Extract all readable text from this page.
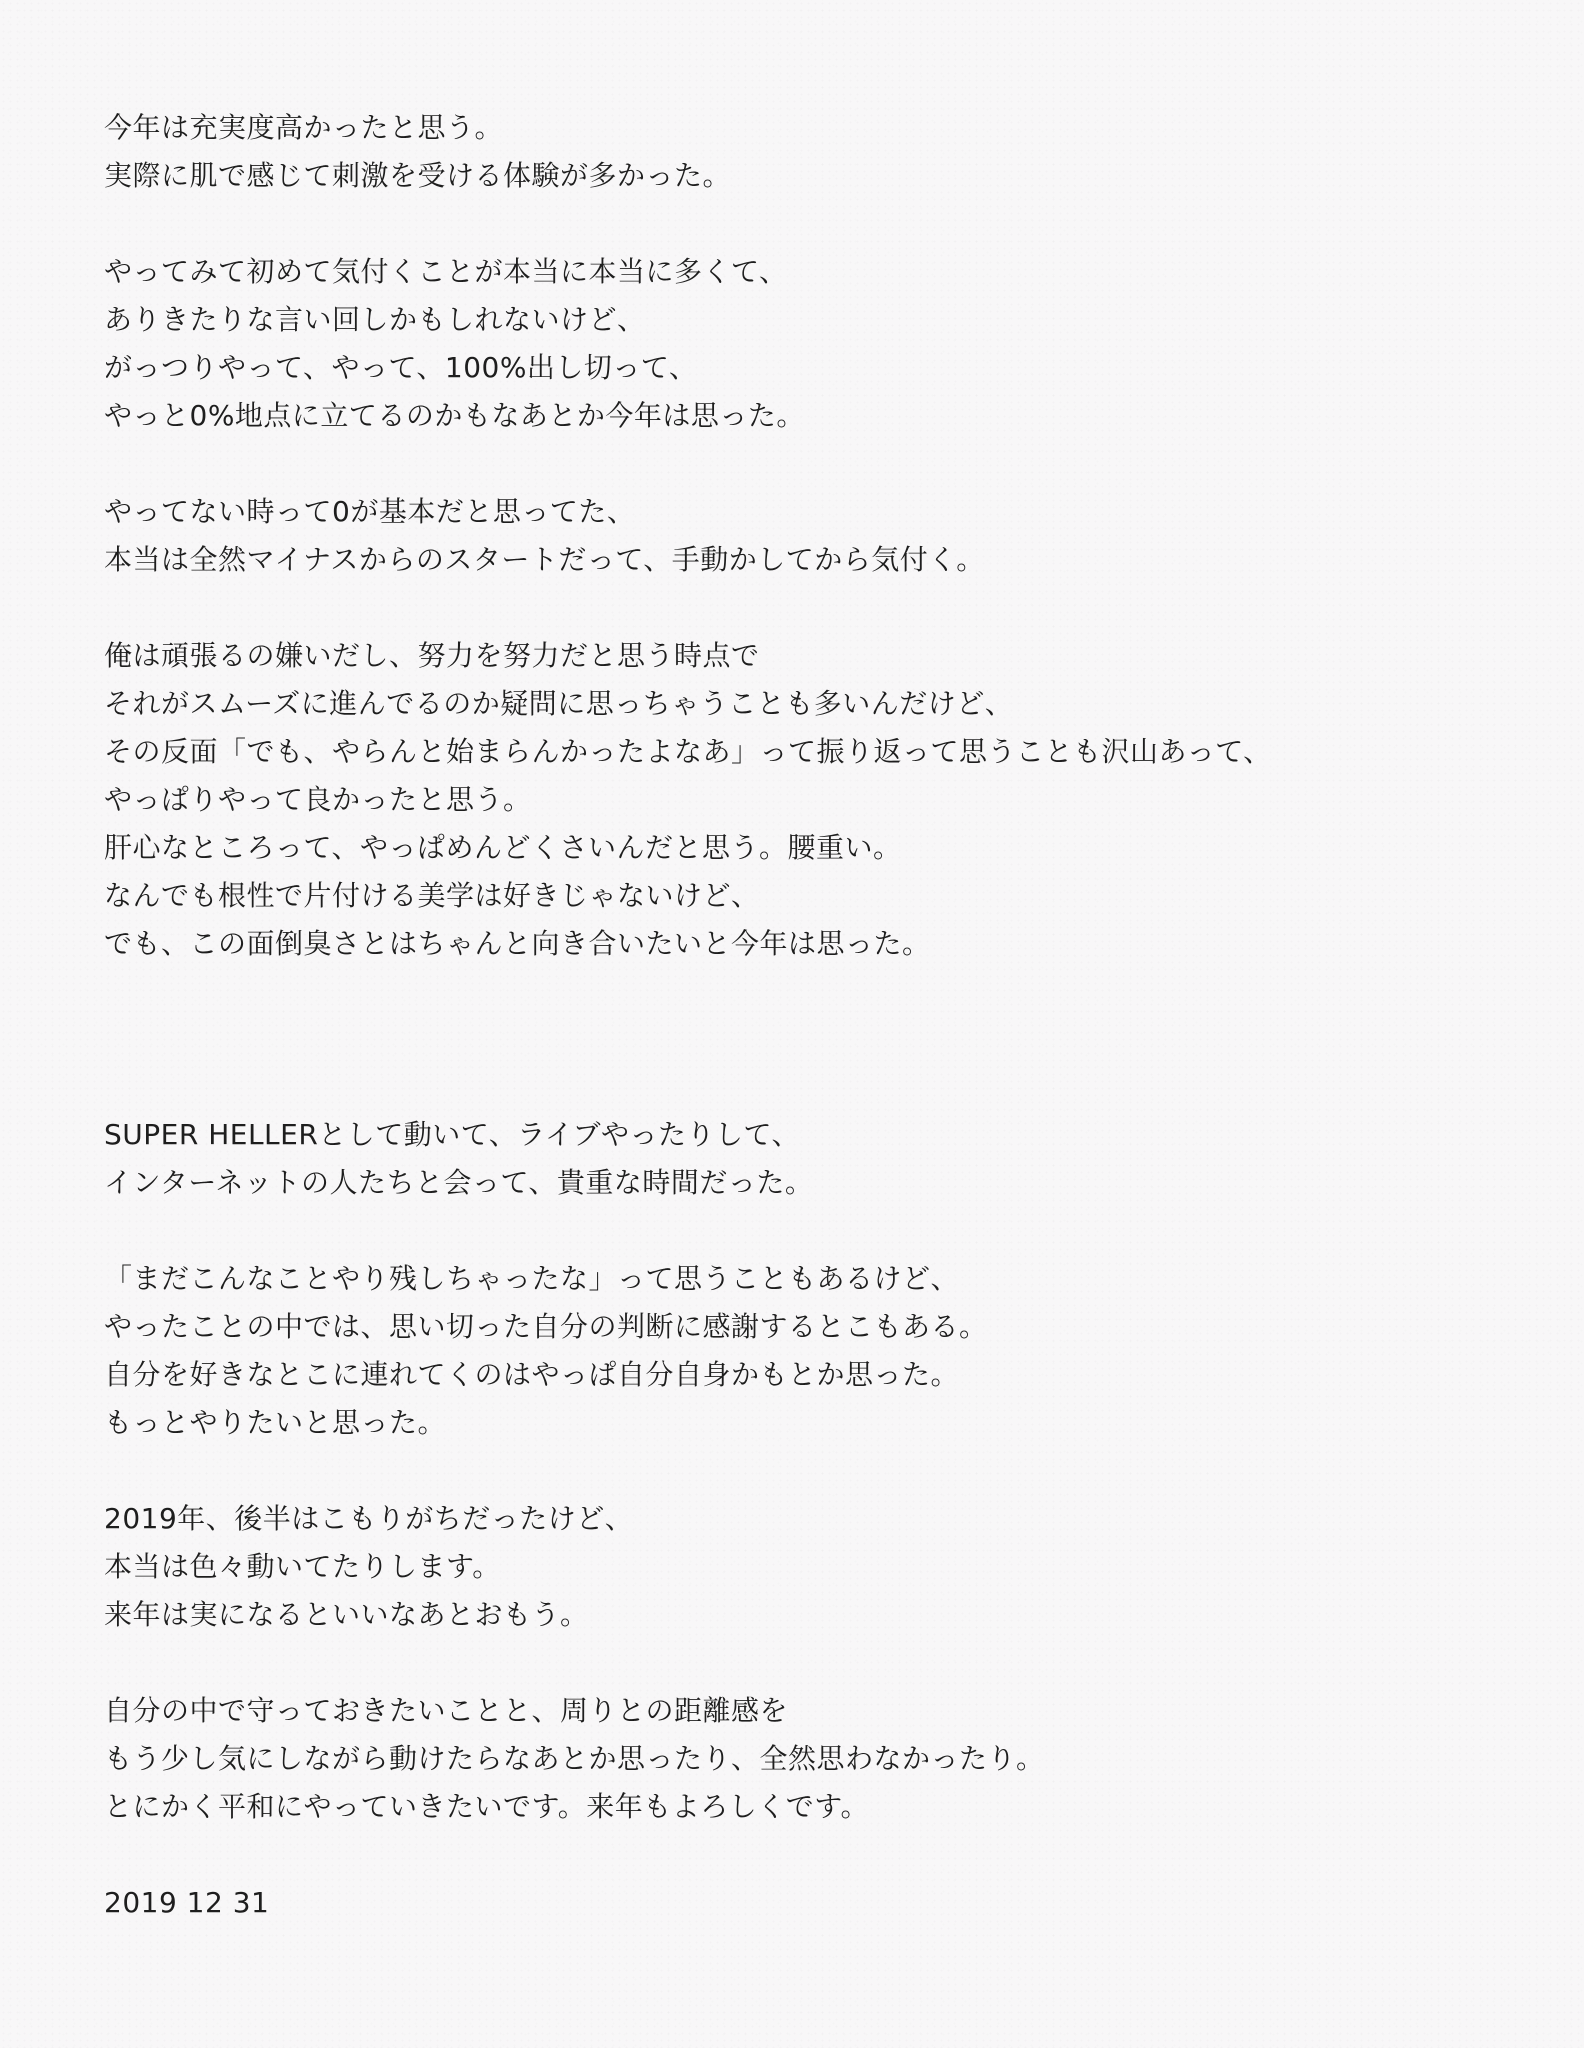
今年は充実度高かったと思う。
実際に肌で感じて刺激を受ける体験が多かった。
やってみて初めて気付くことが本当に本当に多くて、
ありきたりな言い回しかもしれないけど、
がっつりやって、やって、100%出し切って、
やっと0%地点に立てるのかもなあとか今年は思った。
やってない時って0が基本だと思ってた、
本当は全然マイナスからのスタートだって、手動かしてから気付く。
俺は頑張るの嫌いだし、努力を努力だと思う時点で
それがスムーズに進んでるのか疑問に思っちゃうことも多いんだけど、
その反面「でも、やらんと始まらんかったよなあ」って振り返って思うことも沢山あって、
やっぱりやって良かったと思う。
肝心なところって、やっぱめんどくさいんだと思う。腰重い。
なんでも根性で片付ける美学は好きじゃないけど、
でも、この面倒臭さとはちゃんと向き合いたいと今年は思った。
SUPER HELLERとして動いて、ライブやったりして、
インターネットの人たちと会って、貴重な時間だった。
「まだこんなことやり残しちゃったな」って思うこともあるけど、
やったことの中では、思い切った自分の判断に感謝するとこもある。
自分を好きなとこに連れてくのはやっぱ自分自身かもとか思った。
もっとやりたいと思った。
2019年、後半はこもりがちだったけど、
本当は色々動いてたりします。
来年は実になるといいなあとおもう。
自分の中で守っておきたいことと、周りとの距離感を
もう少し気にしながら動けたらなあとか思ったり、全然思わなかったり。
とにかく平和にやっていきたいです。来年もよろしくです。
2019 12 31
